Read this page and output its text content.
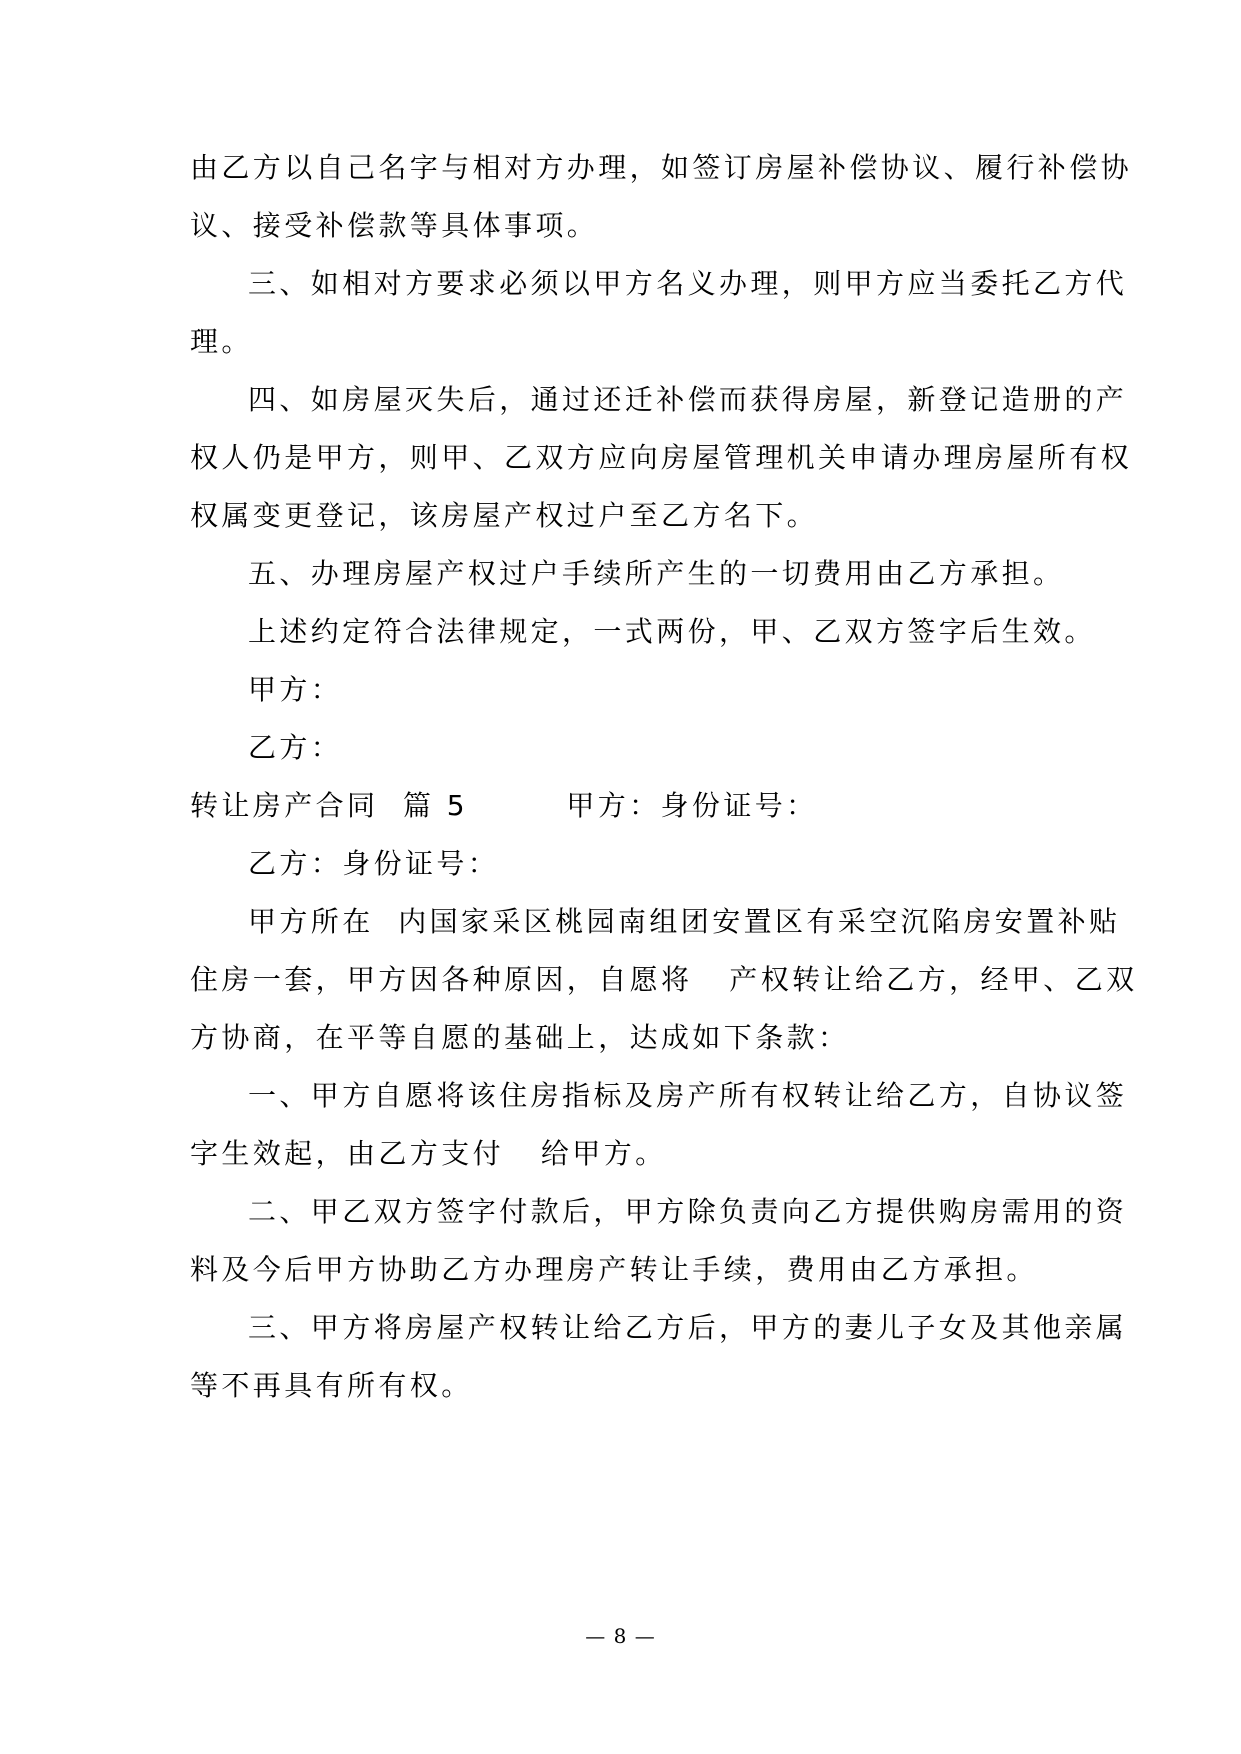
由乙方以自己名字与相对方办理，如签订房屋补偿协议、履行补偿协
议、接受补偿款等具体事项。
三、如相对方要求必须以甲方名义办理，则甲方应当委托乙方代
理。
四、如房屋灭失后，通过还迁补偿而获得房屋，新登记造册的产
权人仍是甲方，则甲、乙双方应向房屋管理机关申请办理房屋所有权
权属变更登记，该房屋产权过户至乙方名下。
五、办理房屋产权过户手续所产生的一切费用由乙方承担。
上述约定符合法律规定，一式两份，甲、乙双方签字后生效。
甲方：
乙方：
转让房产合同  篇 5        甲方：身份证号：
乙方：身份证号：
甲方所在  内国家采区桃园南组团安置区有采空沉陷房安置补贴
住房一套，甲方因各种原因，自愿将   产权转让给乙方，经甲、乙双
方协商，在平等自愿的基础上，达成如下条款：
一、甲方自愿将该住房指标及房产所有权转让给乙方，自协议签
字生效起，由乙方支付   给甲方。
二、甲乙双方签字付款后，甲方除负责向乙方提供购房需用的资
料及今后甲方协助乙方办理房产转让手续，费用由乙方承担。
三、甲方将房屋产权转让给乙方后，甲方的妻儿子女及其他亲属
等不再具有所有权。
— 8 —
